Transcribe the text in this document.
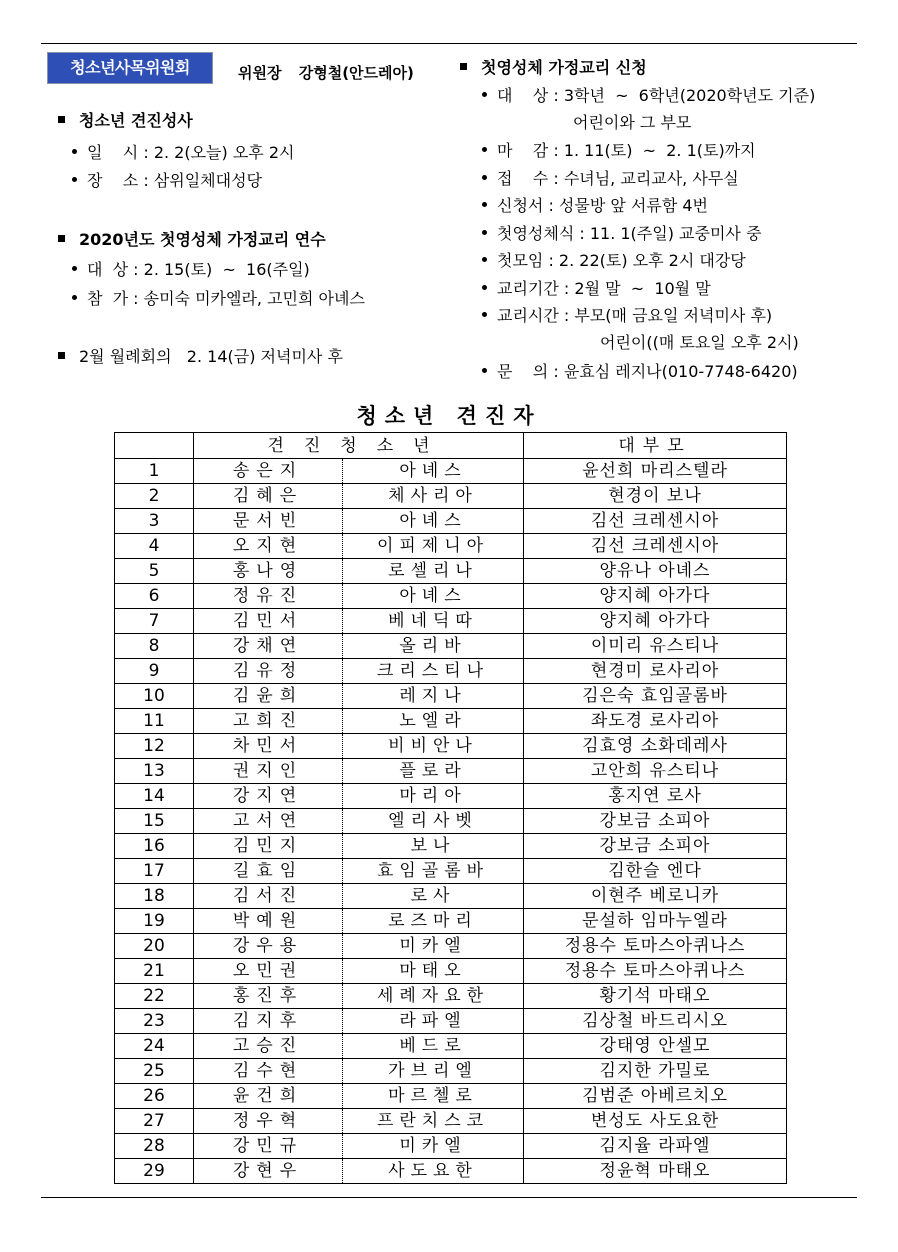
청소년사목위원회	위원장 강형철(안드레아)
청소년 견진성사
일    시 : 2. 2(오늘) 오후 2시
장    소 : 삼위일체대성당
2020년도 첫영성체 가정교리 연수
대  상 : 2. 15(토)  ~  16(주일)
참  가 : 송미숙 미카엘라, 고민희 아녜스
2월 월례회의   2. 14(금) 저녁미사 후
첫영성체 가정교리 신청
대    상 : 3학년  ~  6학년(2020학년도 기준)
어린이와 그 부모
마    감 : 1. 11(토)  ~  2. 1(토)까지
접    수 : 수녀님, 교리교사, 사무실
신청서 : 성물방 앞 서류함 4번
첫영성체식 : 11. 1(주일) 교중미사 중
첫모임 : 2. 22(토) 오후 2시 대강당
교리기간 : 2월 말  ~  10월 말
교리시간 : 부모(매 금요일 저녁미사 후)
어린이((매 토요일 오후 2시)
문    의 : 윤효심 레지나(010-7748-6420)
청소년 견진자
	견진청소년		대부모
1	송은지	아녜스	윤선희 마리스텔라
2	김혜은	체사리아	현경이 보나
3	문서빈	아녜스	김선 크레센시아
4	오지현	이피제니아	김선 크레센시아
5	홍나영	로셀리나	양유나 아녜스
6	정유진	아녜스	양지혜 아가다
7	김민서	베네딕따	양지혜 아가다
8	강채연	올리바	이미리 유스티나
9	김유정	크리스티나	현경미 로사리아
10	김윤희	레지나	김은숙 효임골롬바
11	고희진	노엘라	좌도경 로사리아
12	차민서	비비안나	김효영 소화데레사
13	권지인	플로라	고안희 유스티나
14	강지연	마리아	홍지연 로사
15	고서연	엘리사벳	강보금 소피아
16	김민지	보나	강보금 소피아
17	길효임	효임골롬바	김한슬 엔다
18	김서진	로사	이현주 베로니카
19	박예원	로즈마리	문설하 임마누엘라
20	강우용	미카엘	정용수 토마스아퀴나스
21	오민권	마태오	정용수 토마스아퀴나스
22	홍진후	세례자요한	황기석 마태오
23	김지후	라파엘	김상철 바드리시오
24	고승진	베드로	강태영 안셀모
25	김수현	가브리엘	김지한 가밀로
26	윤건희	마르첼로	김범준 아베르치오
27	정우혁	프란치스코	변성도 사도요한
28	강민규	미카엘	김지율 라파엘
29	강현우	사도요한	정윤혁 마태오
